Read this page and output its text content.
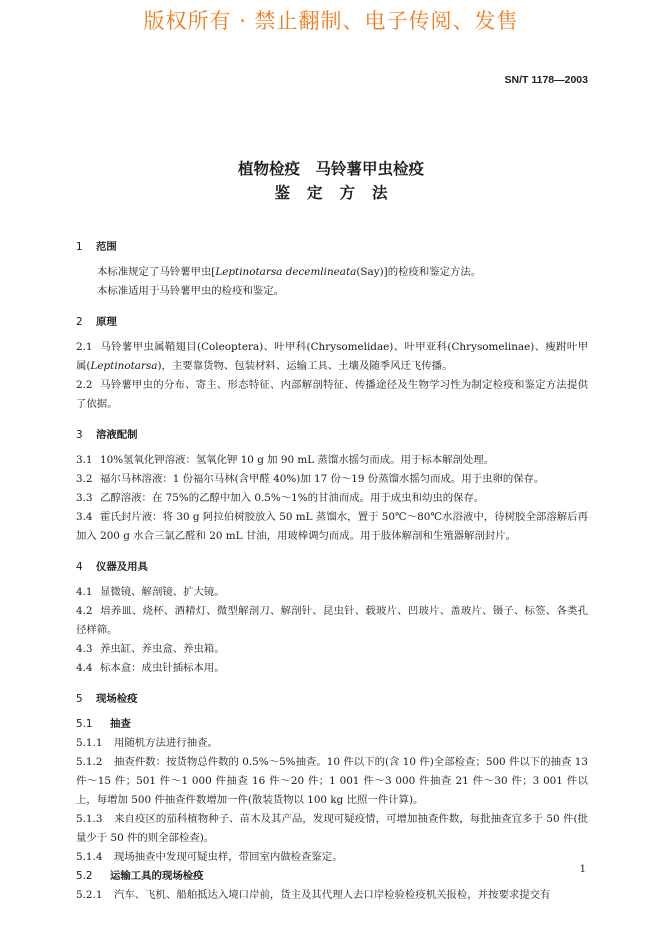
版权所有 · 禁止翻制、电子传阅、发售
SN/T 1178—2003
植物检疫　马铃薯甲虫检疫
鉴定方法
1 范围

本标准规定了马铃薯甲虫[Leptinotarsa decemlineata(Say)]的检疫和鉴定方法。

本标准适用于马铃薯甲虫的检疫和鉴定。

2 原理

2.1 马铃薯甲虫属鞘翅目(Coleoptera)、叶甲科(Chrysomelidae)、叶甲亚科(Chrysomelinae)、瘦跗叶甲属(Leptinotarsa)，主要靠货物、包装材料、运输工具、土壤及随季风迁飞传播。

2.2 马铃薯甲虫的分布、寄主、形态特征、内部解剖特征、传播途径及生物学习性为制定检疫和鉴定方法提供了依据。

3 溶液配制

3.1 10%氢氧化钾溶液：氢氧化钾 10 g 加 90 mL 蒸馏水摇匀而成。用于标本解剖处理。

3.2 福尔马林溶液：1 份福尔马林(含甲醛 40%)加 17 份～19 份蒸馏水摇匀而成。用于虫卵的保存。

3.3 乙醇溶液：在 75%的乙醇中加入 0.5%～1%的甘油而成。用于成虫和幼虫的保存。

3.4 霍氏封片液：将 30 g 阿拉伯树胶放入 50 mL 蒸馏水，置于 50℃～80℃水浴液中，待树胶全部溶解后再加入 200 g 水合三氯乙醛和 20 mL 甘油，用玻棒调匀而成。用于肢体解剖和生殖器解剖封片。

4 仪器及用具

4.1 显微镜、解剖镜、扩大镜。

4.2 培养皿、烧杯、酒精灯、微型解剖刀、解剖针、昆虫针、载玻片、凹玻片、盖玻片、镊子、标签、各类孔径样筛。

4.3 养虫缸、养虫盒、养虫箱。

4.4 标本盒：成虫针插标本用。

5 现场检疫
5.1 抽查

5.1.1 用随机方法进行抽查。

5.1.2 抽查件数：按货物总件数的 0.5%～5%抽查。10 件以下的(含 10 件)全部检查；500 件以下的抽查 13 件～15 件；501 件～1 000 件抽查 16 件～20 件；1 001 件～3 000 件抽查 21 件～30 件；3 001 件以上，每增加 500 件抽查件数增加一件(散装货物以 100 kg 比照一件计算)。

5.1.3 来自疫区的茄科植物种子、苗木及其产品，发现可疑疫情，可增加抽查件数，每批抽查宜多于 50 件(批量少于 50 件的则全部检查)。

5.1.4 现场抽查中发现可疑虫样，带回室内做检查鉴定。

5.2 运输工具的现场检疫

5.2.1 汽车、飞机、船舶抵达入境口岸前，货主及其代理人去口岸检验检疫机关报检，并按要求提交有

1
